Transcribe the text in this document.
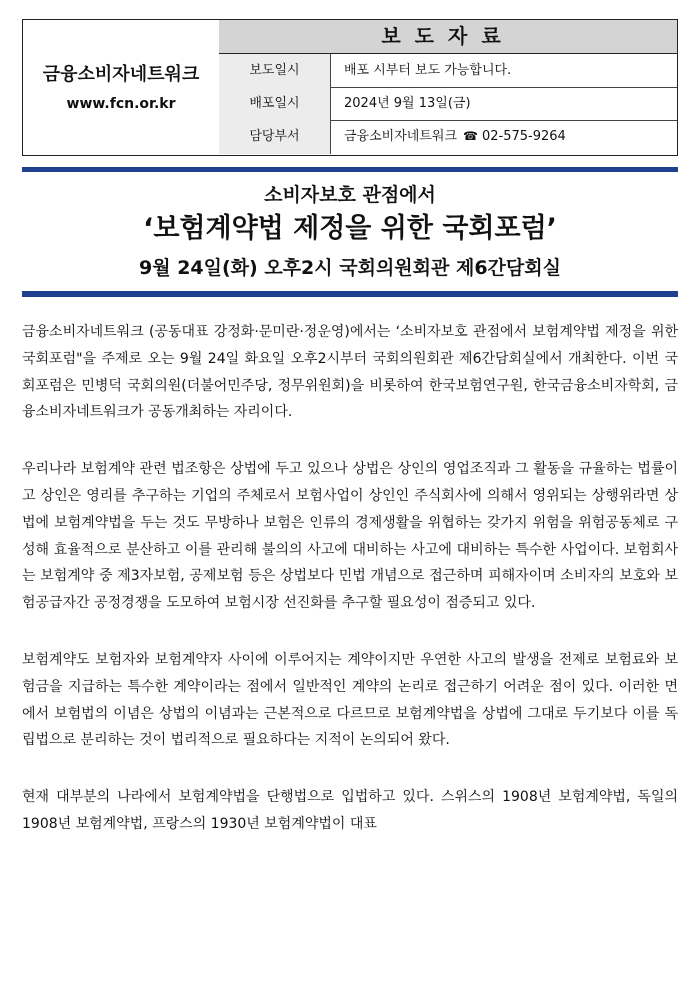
금융소비자네트워크
www.fcn.or.kr
보도자료
보도일시	배포 시부터 보도 가능합니다.
배포일시	2024년 9월 13일(금)
담당부서	금융소비자네트워크 ☎ 02-575-9264
소비자보호 관점에서
‘보험계약법 제정을 위한 국회포럼’
9월 24일(화) 오후2시 국회의원회관 제6간담회실

금융소비자네트워크 (공동대표 강정화·문미란·정운영)에서는 ‘소비자보호 관점에서 보험계약법 제정을 위한 국회포럼"을 주제로 오는 9월 24일 화요일 오후2시부터 국회의원회관 제6간담회실에서 개최한다. 이번 국회포럼은 민병덕 국회의원(더불어민주당, 정무위원회)을 비롯하여 한국보험연구원, 한국금융소비자학회, 금융소비자네트워크가 공동개최하는 자리이다.

우리나라 보험계약 관련 법조항은 상법에 두고 있으나 상법은 상인의 영업조직과 그 활동을 규율하는 법률이고 상인은 영리를 추구하는 기업의 주체로서 보험사업이 상인인 주식회사에 의해서 영위되는 상행위라면 상법에 보험계약법을 두는 것도 무방하나 보험은 인류의 경제생활을 위협하는 갖가지 위험을 위험공동체로 구성해 효율적으로 분산하고 이를 관리해 불의의 사고에 대비하는 사고에 대비하는 특수한 사업이다. 보험회사는 보험계약 중 제3자보험, 공제보험 등은 상법보다 민법 개념으로 접근하며 피해자이며 소비자의 보호와 보험공급자간 공정경쟁을 도모하여 보험시장 선진화를 추구할 필요성이 점증되고 있다.

보험계약도 보험자와 보험계약자 사이에 이루어지는 계약이지만 우연한 사고의 발생을 전제로 보험료와 보험금을 지급하는 특수한 계약이라는 점에서 일반적인 계약의 논리로 접근하기 어려운 점이 있다. 이러한 면에서 보험법의 이념은 상법의 이념과는 근본적으로 다르므로 보험계약법을 상법에 그대로 두기보다 이를 독립법으로 분리하는 것이 법리적으로 필요하다는 지적이 논의되어 왔다.

현재 대부분의 나라에서 보험계약법을 단행법으로 입법하고 있다. 스위스의 1908년 보험계약법, 독일의 1908년 보험계약법, 프랑스의 1930년 보험계약법이 대표
